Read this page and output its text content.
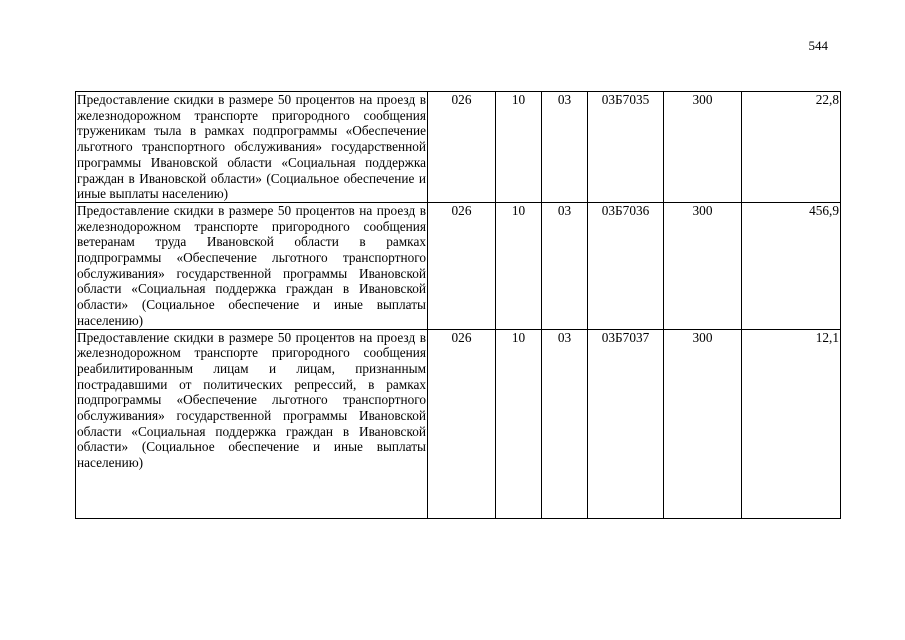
544
Предоставление скидки в размере 50 процентов на проезд в железнодорожном транспорте пригородного сообщения труженикам тыла в рамках подпрограммы «Обеспечение льготного транспортного обслуживания» государственной программы Ивановской области «Социальная поддержка граждан в Ивановской области» (Социальное обеспечение и иные выплаты населению)	026	10	03	03Б7035	300	22,8
Предоставление скидки в размере 50 процентов на проезд в железнодорожном транспорте пригородного сообщения ветеранам труда Ивановской области в рамках подпрограммы «Обеспечение льготного транспортного обслуживания» государственной программы Ивановской области «Социальная поддержка граждан в Ивановской области» (Социальное обеспечение и иные выплаты населению)	026	10	03	03Б7036	300	456,9
Предоставление скидки в размере 50 процентов на проезд в железнодорожном транспорте пригородного сообщения реабилитированным лицам и лицам, признанным пострадавшими от политических репрессий, в рамках подпрограммы «Обеспечение льготного транспортного обслуживания» государственной программы Ивановской области «Социальная поддержка граждан в Ивановской области» (Социальное обеспечение и иные выплаты населению)	026	10	03	03Б7037	300	12,1
